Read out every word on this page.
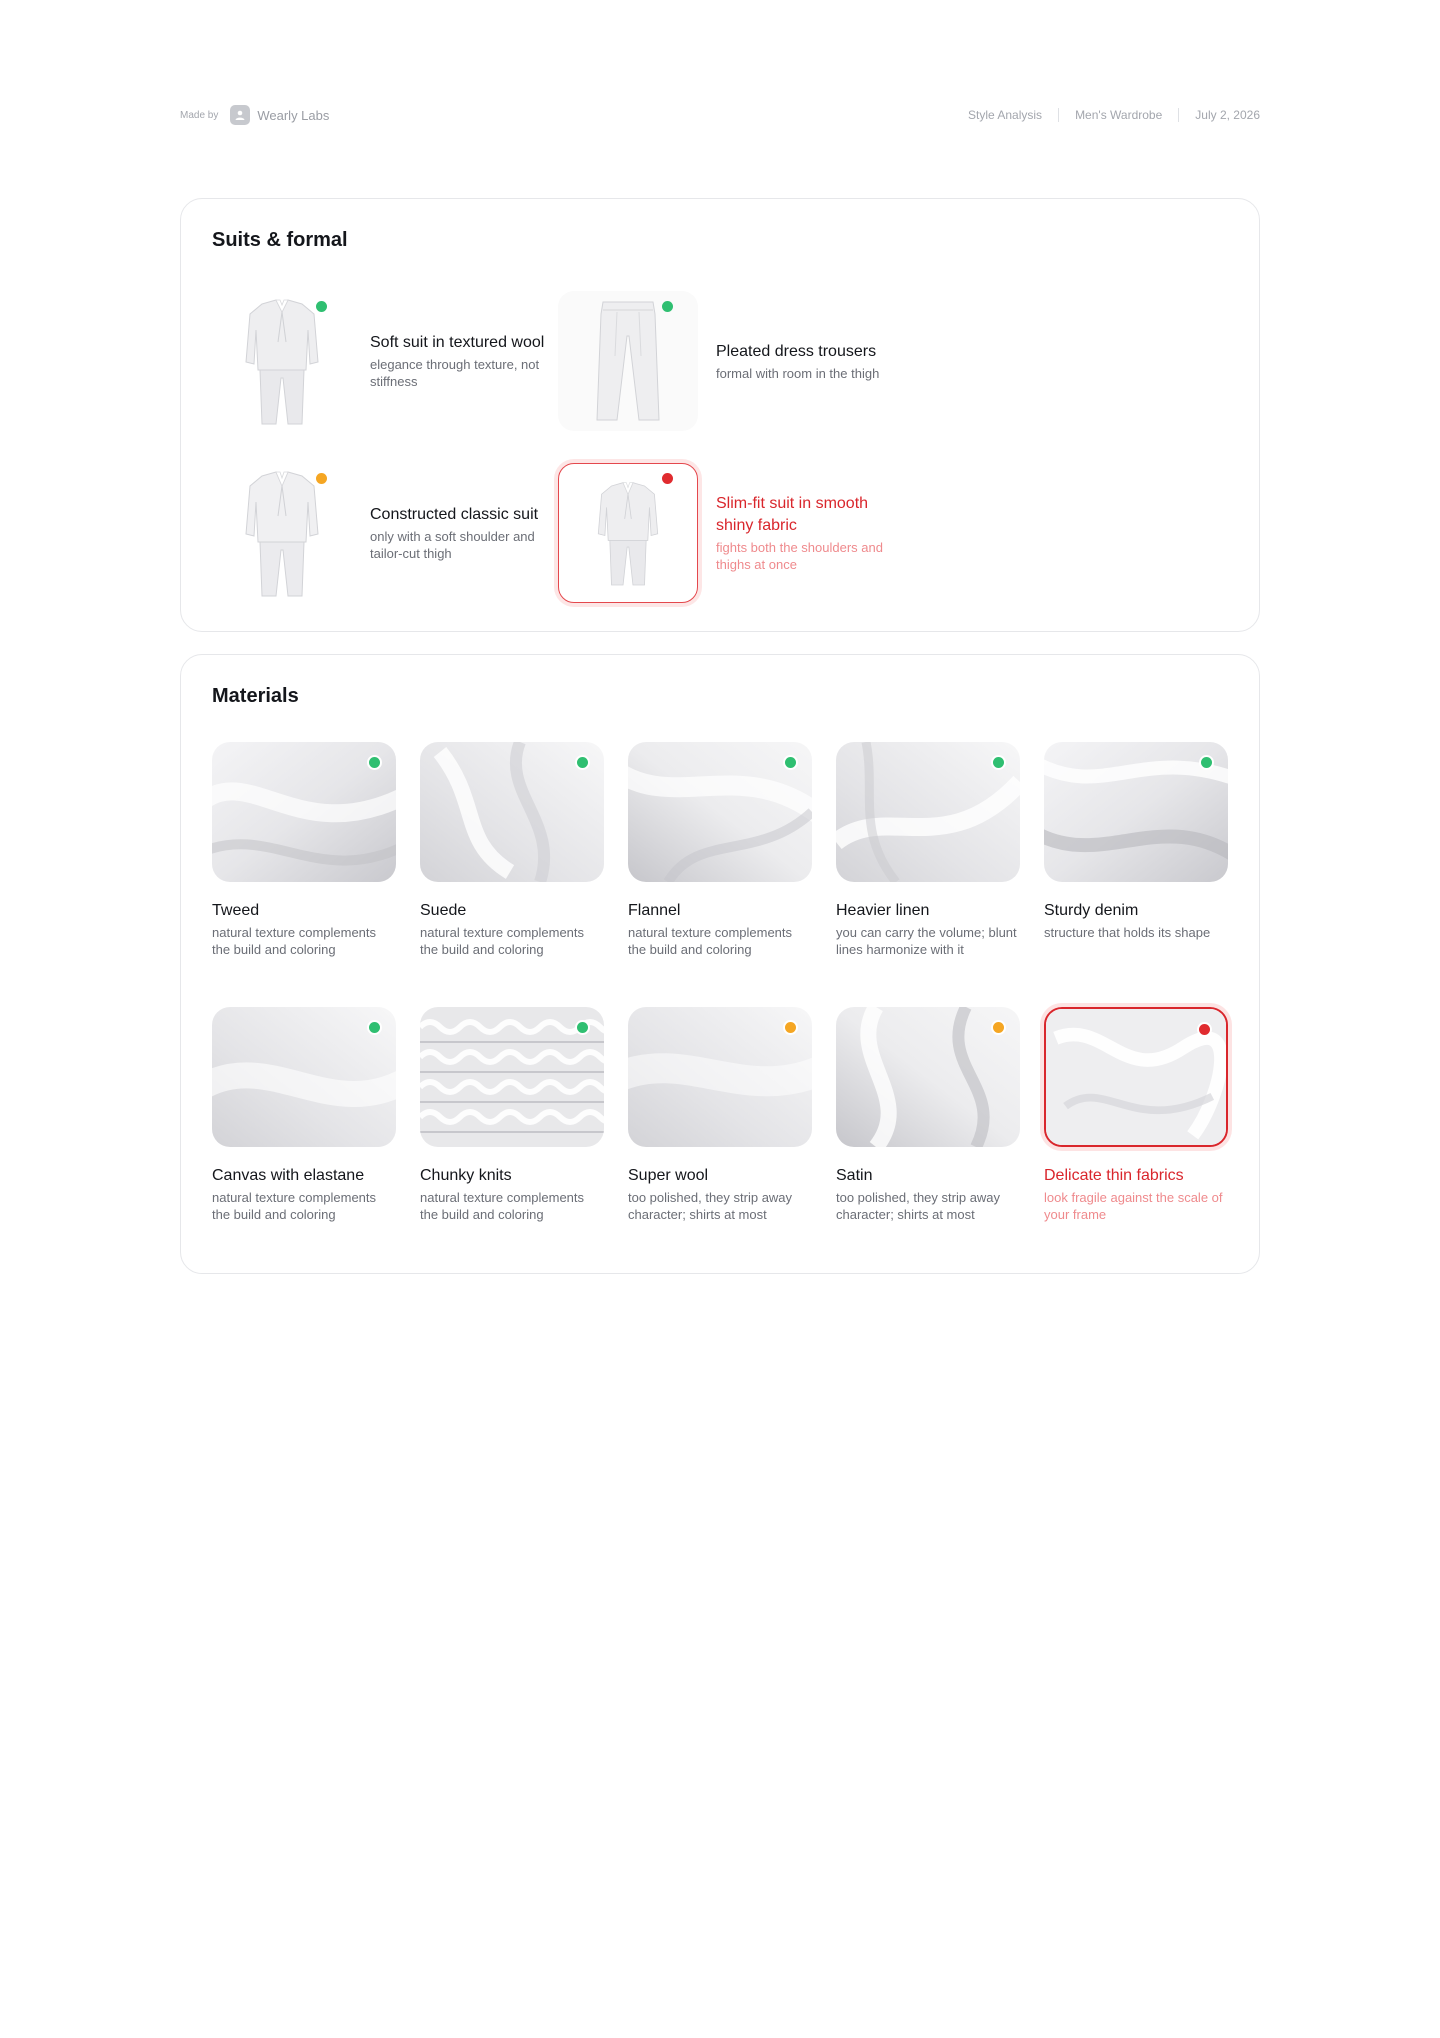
Made by	Wearly Labs	Style Analysis	Men's Wardrobe	July 2, 2026
Suits & formal
Soft suit in textured wool
elegance through texture, not stiffness
Pleated dress trousers
formal with room in the thigh
Constructed classic suit
only with a soft shoulder and tailor-cut thigh
Slim-fit suit in smooth shiny fabric
fights both the shoulders and thighs at once
Materials
Tweed
natural texture complements the build and coloring
Suede
natural texture complements the build and coloring
Flannel
natural texture complements the build and coloring
Heavier linen
you can carry the volume; blunt lines harmonize with it
Sturdy denim
structure that holds its shape
Canvas with elastane
natural texture complements the build and coloring
Chunky knits
natural texture complements the build and coloring
Super wool
too polished, they strip away character; shirts at most
Satin
too polished, they strip away character; shirts at most
Delicate thin fabrics
look fragile against the scale of your frame
